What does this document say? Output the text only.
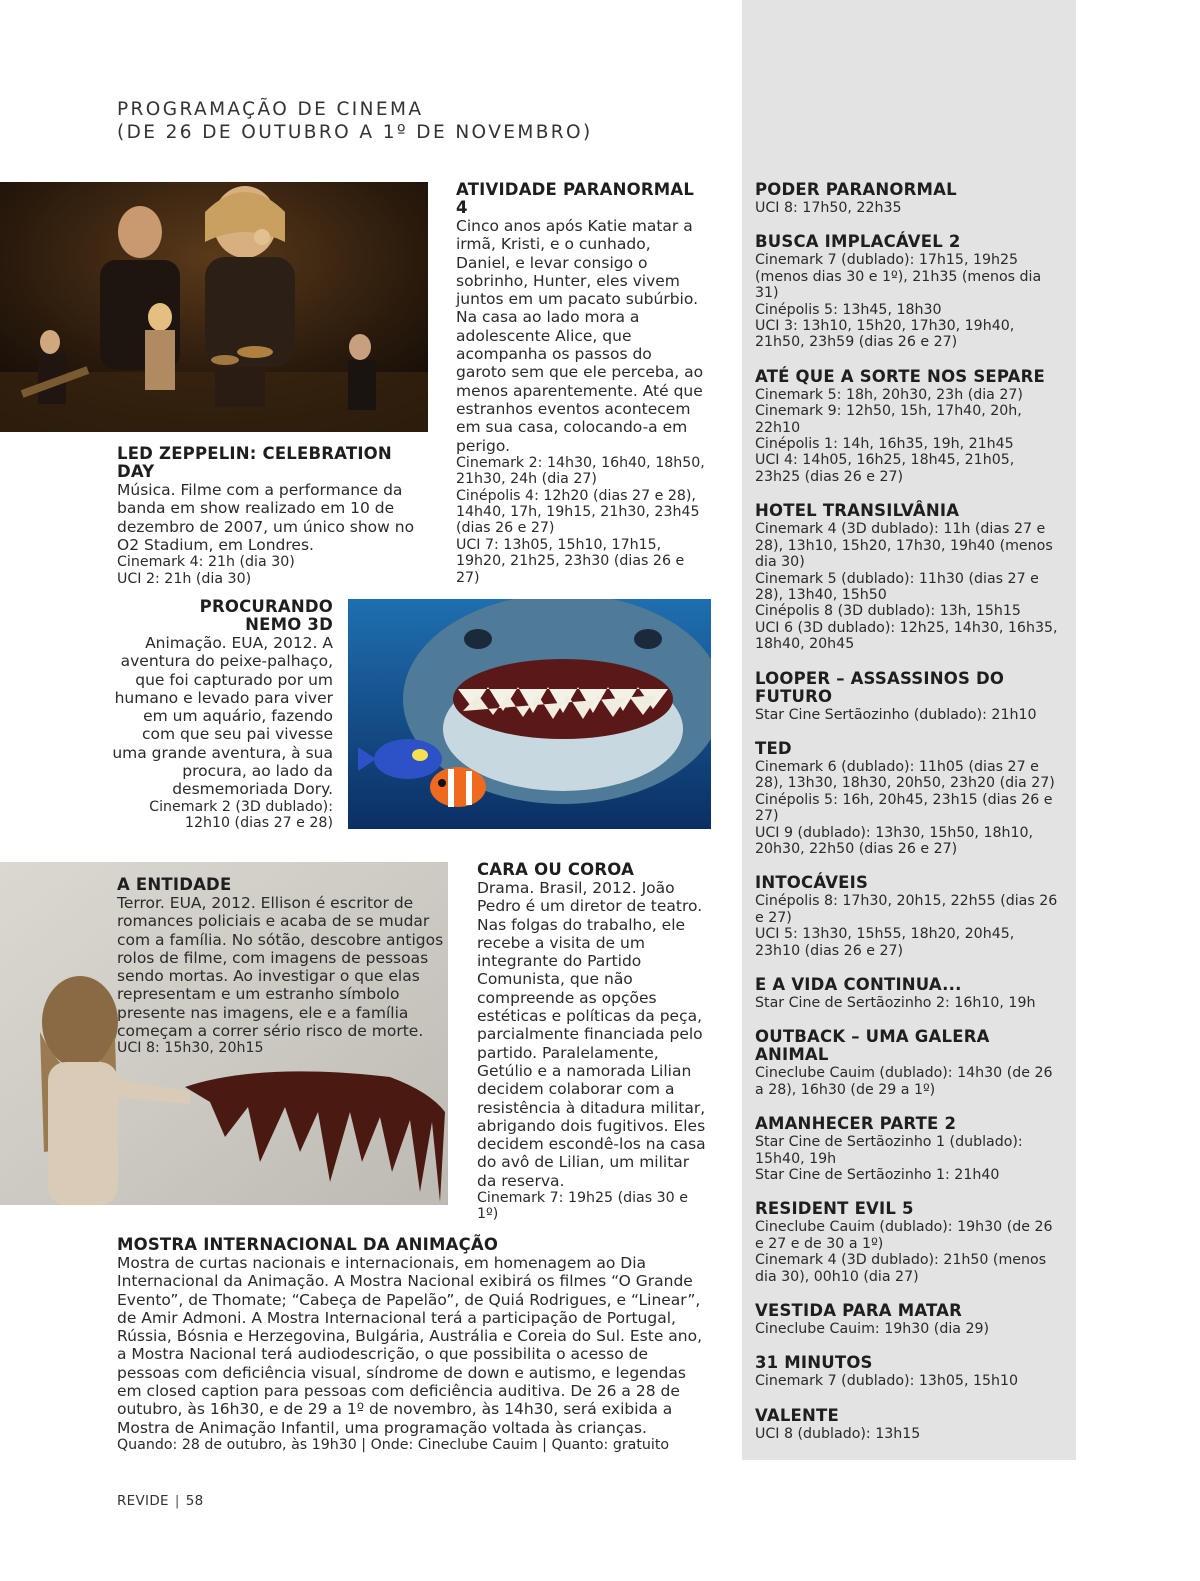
PROGRAMAÇÃO DE CINEMA
(DE 26 DE OUTUBRO A 1º DE NOVEMBRO)

LED ZEPPELIN: CELEBRATION DAY

Música. Filme com a performance da banda em show realizado em 10 de dezembro de 2007, um único show no O2 Stadium, em Londres.

Cinemark 4: 21h (dia 30)

UCI 2: 21h (dia 30)

ATIVIDADE PARANORMAL 4

Cinco anos após Katie matar a irmã, Kristi, e o cunhado, Daniel, e levar consigo o sobrinho, Hunter, eles vivem juntos em um pacato subúrbio. Na casa ao lado mora a adolescente Alice, que acompanha os passos do garoto sem que ele perceba, ao menos aparentemente. Até que estranhos eventos acontecem em sua casa, colocando-a em perigo.

Cinemark 2: 14h30, 16h40, 18h50, 21h30, 24h (dia 27)

Cinépolis 4: 12h20 (dias 27 e 28), 14h40, 17h, 19h15, 21h30, 23h45 (dias 26 e 27)

UCI 7: 13h05, 15h10, 17h15, 19h20, 21h25, 23h30 (dias 26 e 27)

PROCURANDO

NEMO 3D

Animação. EUA, 2012. A aventura do peixe-palhaço, que foi capturado por um humano e levado para viver em um aquário, fazendo com que seu pai vivesse uma grande aventura, à sua procura, ao lado da desmemoriada Dory.

Cinemark 2 (3D dublado): 12h10 (dias 27 e 28)

A ENTIDADE

Terror. EUA, 2012. Ellison é escritor de romances policiais e acaba de se mudar com a família. No sótão, descobre antigos rolos de filme, com imagens de pessoas sendo mortas. Ao investigar o que elas representam e um estranho símbolo presente nas imagens, ele e a família começam a correr sério risco de morte.

UCI 8: 15h30, 20h15

CARA OU COROA

Drama. Brasil, 2012. João Pedro é um diretor de teatro. Nas folgas do trabalho, ele recebe a visita de um integrante do Partido Comunista, que não compreende as opções estéticas e políticas da peça, parcialmente financiada pelo partido. Paralelamente, Getúlio e a namorada Lilian decidem colaborar com a resistência à ditadura militar, abrigando dois fugitivos. Eles decidem escondê-los na casa do avô de Lilian, um militar da reserva.

Cinemark 7: 19h25 (dias 30 e 1º)

MOSTRA INTERNACIONAL DA ANIMAÇÃO

Mostra de curtas nacionais e internacionais, em homenagem ao Dia Internacional da Animação. A Mostra Nacional exibirá os filmes “O Grande Evento”, de Thomate; “Cabeça de Papelão”, de Quiá Rodrigues, e “Linear”, de Amir Admoni. A Mostra Internacional terá a participação de Portugal, Rússia, Bósnia e Herzegovina, Bulgária, Austrália e Coreia do Sul. Este ano, a Mostra Nacional terá audiodescrição, o que possibilita o acesso de pessoas com deficiência visual, síndrome de down e autismo, e legendas em closed caption para pessoas com deficiência auditiva. De 26 a 28 de outubro, às 16h30, e de 29 a 1º de novembro, às 14h30, será exibida a Mostra de Animação Infantil, uma programação voltada às crianças.

Quando: 28 de outubro, às 19h30 | Onde: Cineclube Cauim | Quanto: gratuito

PODER PARANORMAL

UCI 8: 17h50, 22h35

BUSCA IMPLACÁVEL 2

Cinemark 7 (dublado): 17h15, 19h25 (menos dias 30 e 1º), 21h35 (menos dia 31)

Cinépolis 5: 13h45, 18h30

UCI 3: 13h10, 15h20, 17h30, 19h40, 21h50, 23h59 (dias 26 e 27)

ATÉ QUE A SORTE NOS SEPARE

Cinemark 5: 18h, 20h30, 23h (dia 27)

Cinemark 9: 12h50, 15h, 17h40, 20h, 22h10

Cinépolis 1: 14h, 16h35, 19h, 21h45

UCI 4: 14h05, 16h25, 18h45, 21h05, 23h25 (dias 26 e 27)

HOTEL TRANSILVÂNIA

Cinemark 4 (3D dublado): 11h (dias 27 e 28), 13h10, 15h20, 17h30, 19h40 (menos dia 30)

Cinemark 5 (dublado): 11h30 (dias 27 e 28), 13h40, 15h50

Cinépolis 8 (3D dublado): 13h, 15h15

UCI 6 (3D dublado): 12h25, 14h30, 16h35, 18h40, 20h45

LOOPER – ASSASSINOS DO FUTURO

Star Cine Sertãozinho (dublado): 21h10

TED

Cinemark 6 (dublado): 11h05 (dias 27 e 28), 13h30, 18h30, 20h50, 23h20 (dia 27)

Cinépolis 5: 16h, 20h45, 23h15 (dias 26 e 27)

UCI 9 (dublado): 13h30, 15h50, 18h10, 20h30, 22h50 (dias 26 e 27)

INTOCÁVEIS

Cinépolis 8: 17h30, 20h15, 22h55 (dias 26 e 27)

UCI 5: 13h30, 15h55, 18h20, 20h45, 23h10 (dias 26 e 27)

E A VIDA CONTINUA...

Star Cine de Sertãozinho 2: 16h10, 19h

OUTBACK – UMA GALERA ANIMAL

Cineclube Cauim (dublado): 14h30 (de 26 a 28), 16h30 (de 29 a 1º)

AMANHECER PARTE 2

Star Cine de Sertãozinho 1 (dublado): 15h40, 19h

Star Cine de Sertãozinho 1: 21h40

RESIDENT EVIL 5

Cineclube Cauim (dublado): 19h30 (de 26 e 27 e de 30 a 1º)

Cinemark 4 (3D dublado): 21h50 (menos dia 30), 00h10 (dia 27)

VESTIDA PARA MATAR

Cineclube Cauim: 19h30 (dia 29)

31 MINUTOS

Cinemark 7 (dublado): 13h05, 15h10

VALENTE

UCI 8 (dublado): 13h15

REVIDE | 58
